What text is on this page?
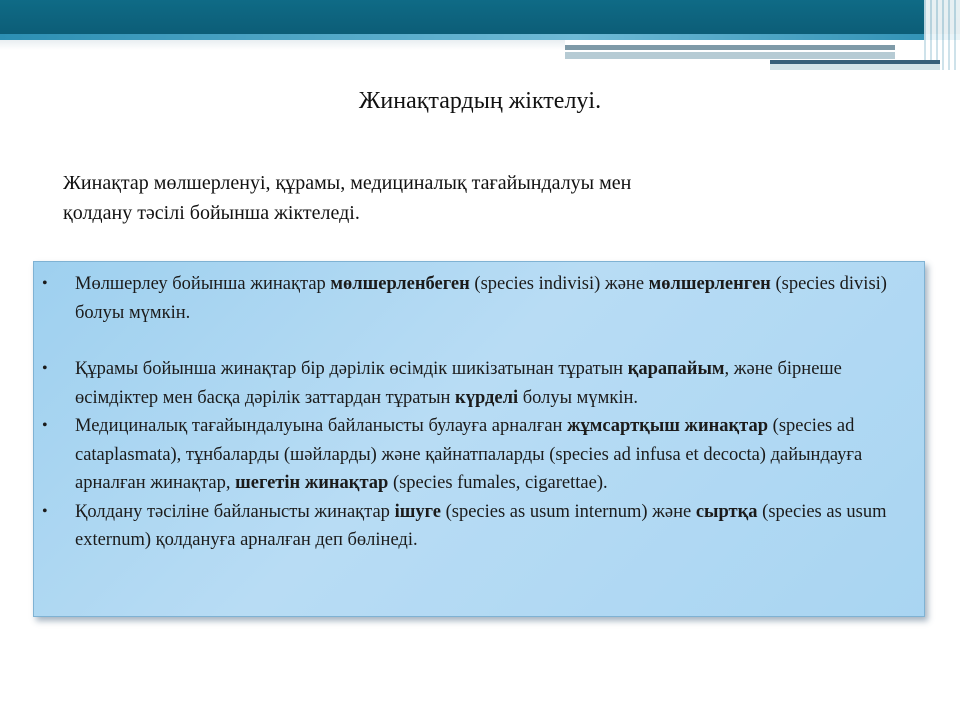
Жинақтардың жіктелуі.
Жинақтар мөлшерленуі, құрамы, медициналық тағайындалуы мен
қолдану тәсілі бойынша жіктеледі.
• Мөлшерлеу бойынша жинақтар мөлшерленбеген (species indivisi) және мөлшерленген (species divisi) болуы мүмкін.
• Құрамы бойынша жинақтар бір дәрілік өсімдік шикізатынан тұратын қарапайым, және бірнеше өсімдіктер мен басқа дәрілік заттардан тұратын күрделі болуы мүмкін.
• Медициналық тағайындалуына байланысты булауға арналған жұмсартқыш жинақтар (species ad cataplasmata), тұнбаларды (шәйларды) және қайнатпаларды (species ad infusa et decocta) дайындауға арналған жинақтар, шегетін жинақтар (species fumales, cigarettae).
• Қолдану тәсіліне байланысты жинақтар ішуге (species as usum internum) және сыртқа (species as usum externum) қолдануға арналған деп бөлінеді.
